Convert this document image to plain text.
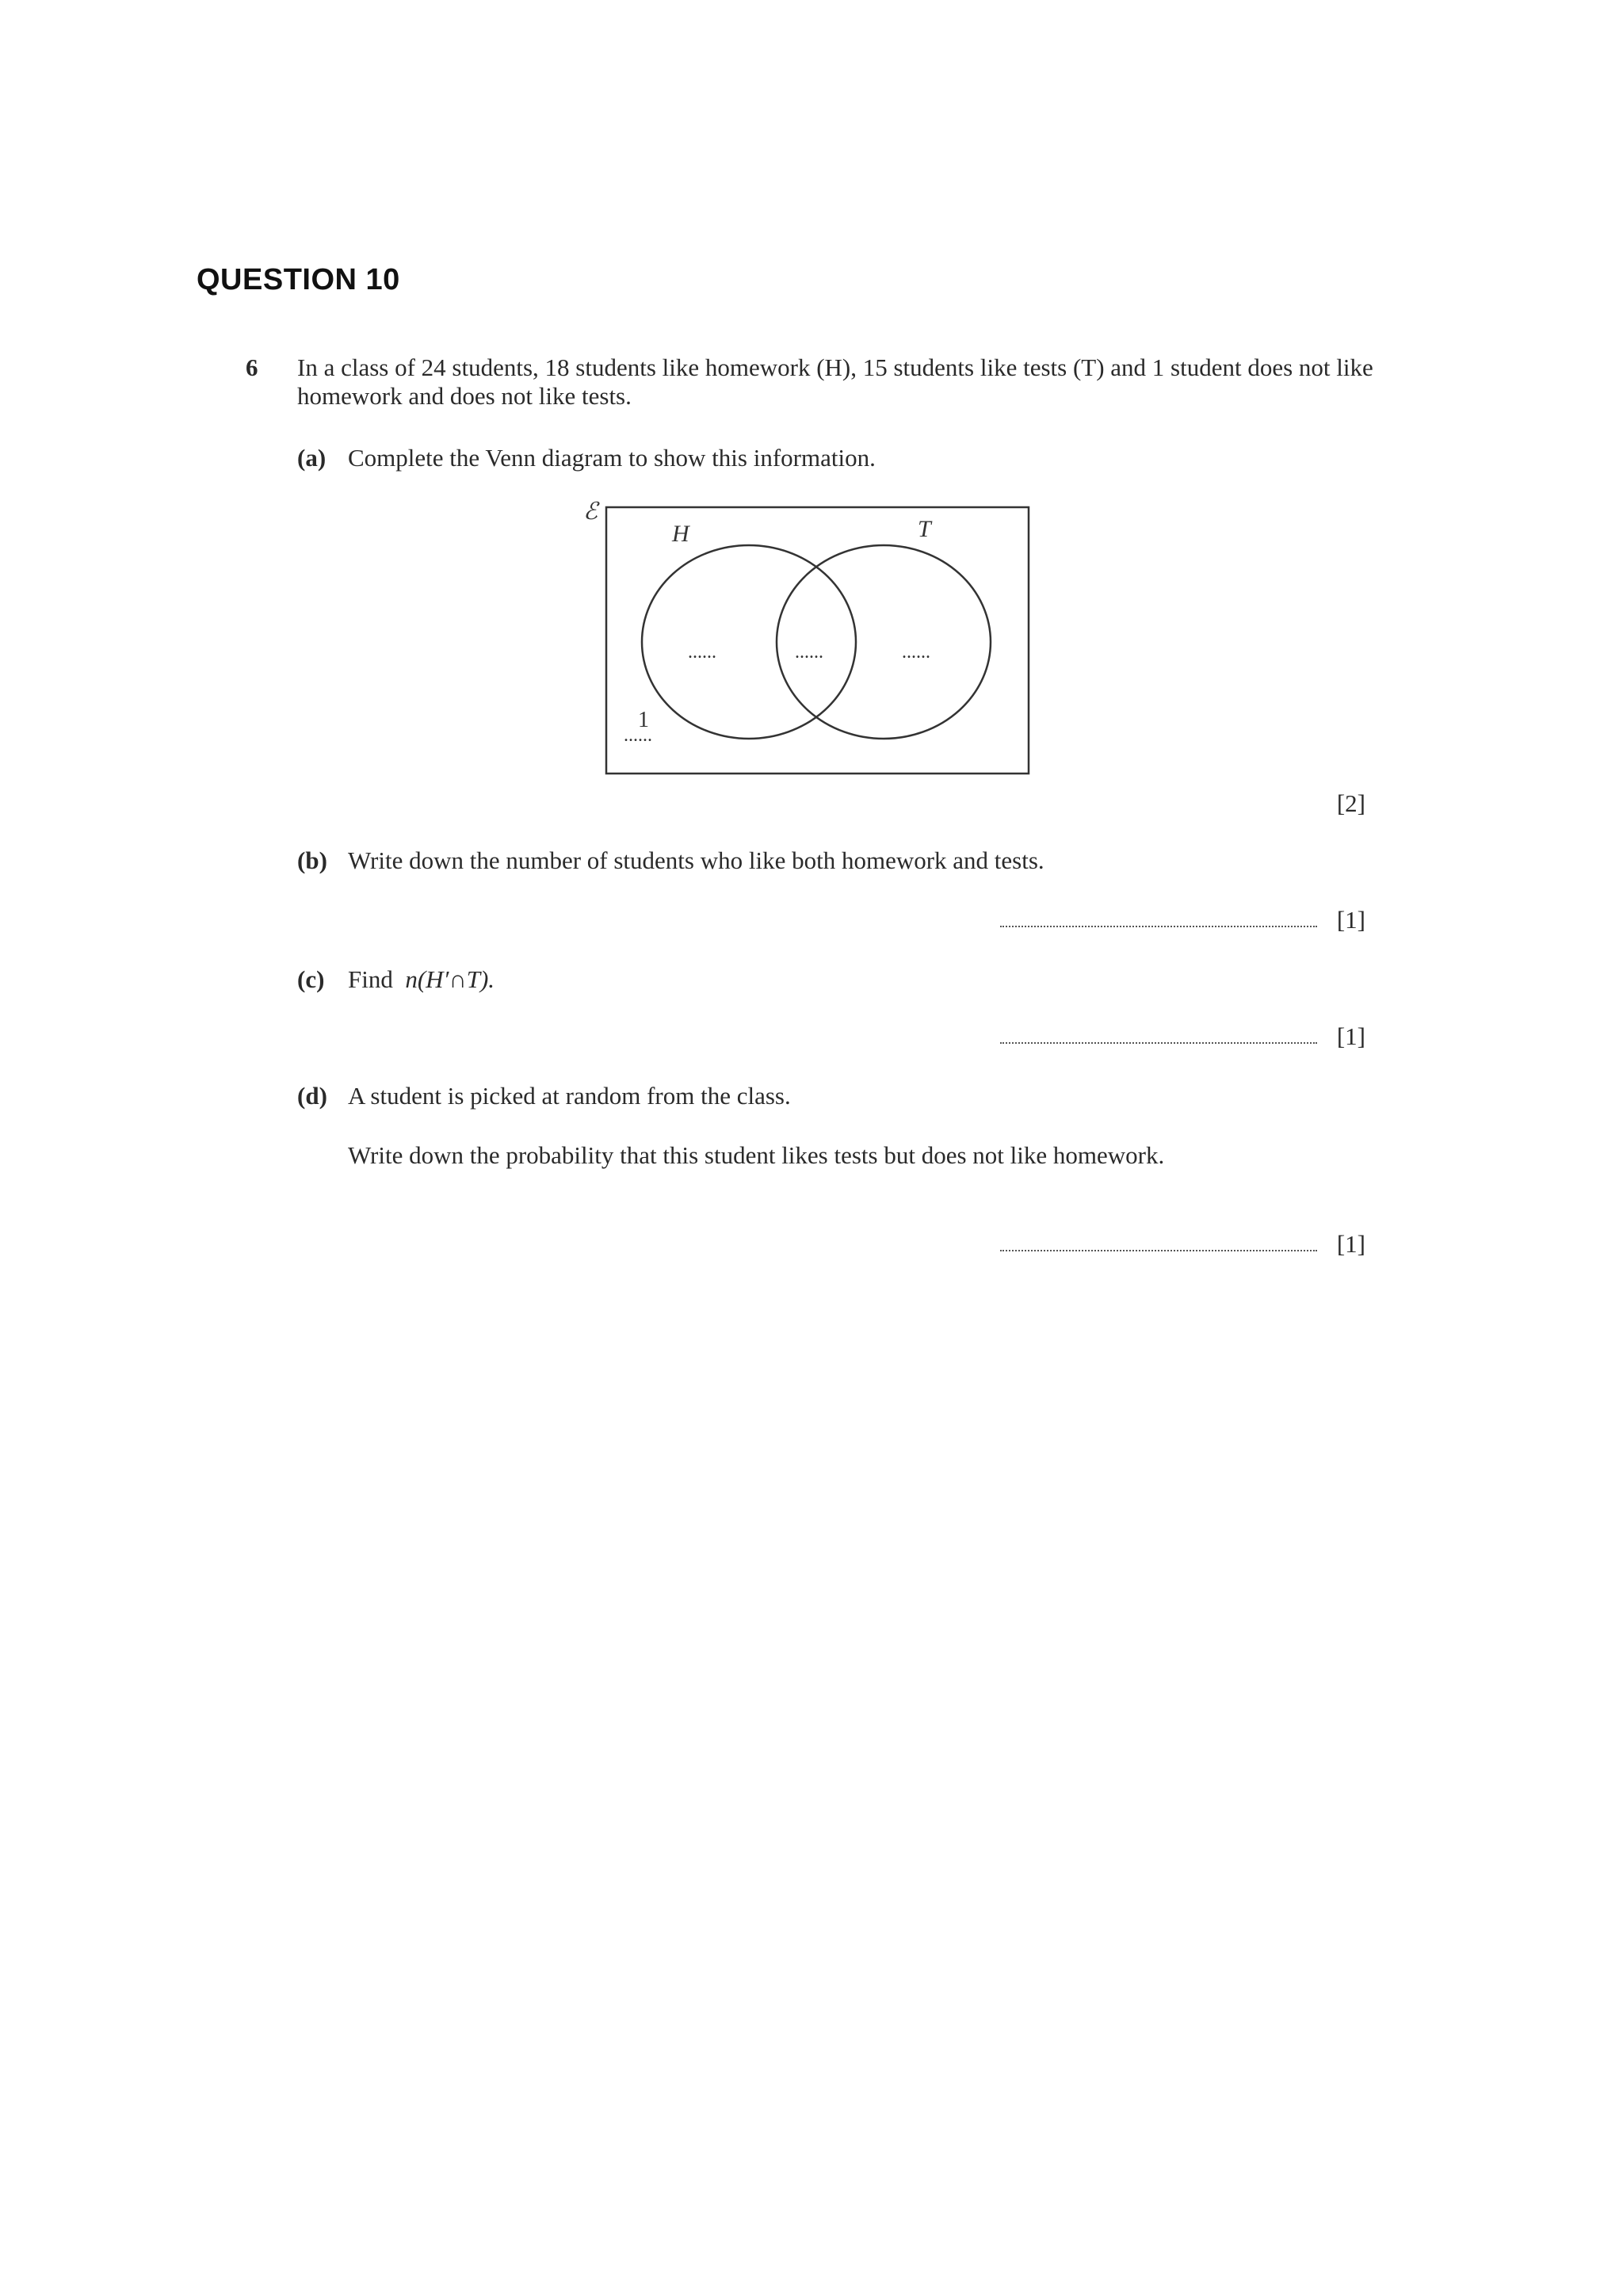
QUESTION 10
6 In a class of 24 students, 18 students like homework (H), 15 students like tests (T) and 1 student does not like homework and does not like tests.

(a) Complete the Venn diagram to show this information.
ℰ
H	T
......	......	......
1
......
[2]
(b) Write down the number of students who like both homework and tests.
[1]
(c) Find n(H′∩T).
[1]
(d) A student is picked at random from the class.
Write down the probability that this student likes tests but does not like homework.
[1]
